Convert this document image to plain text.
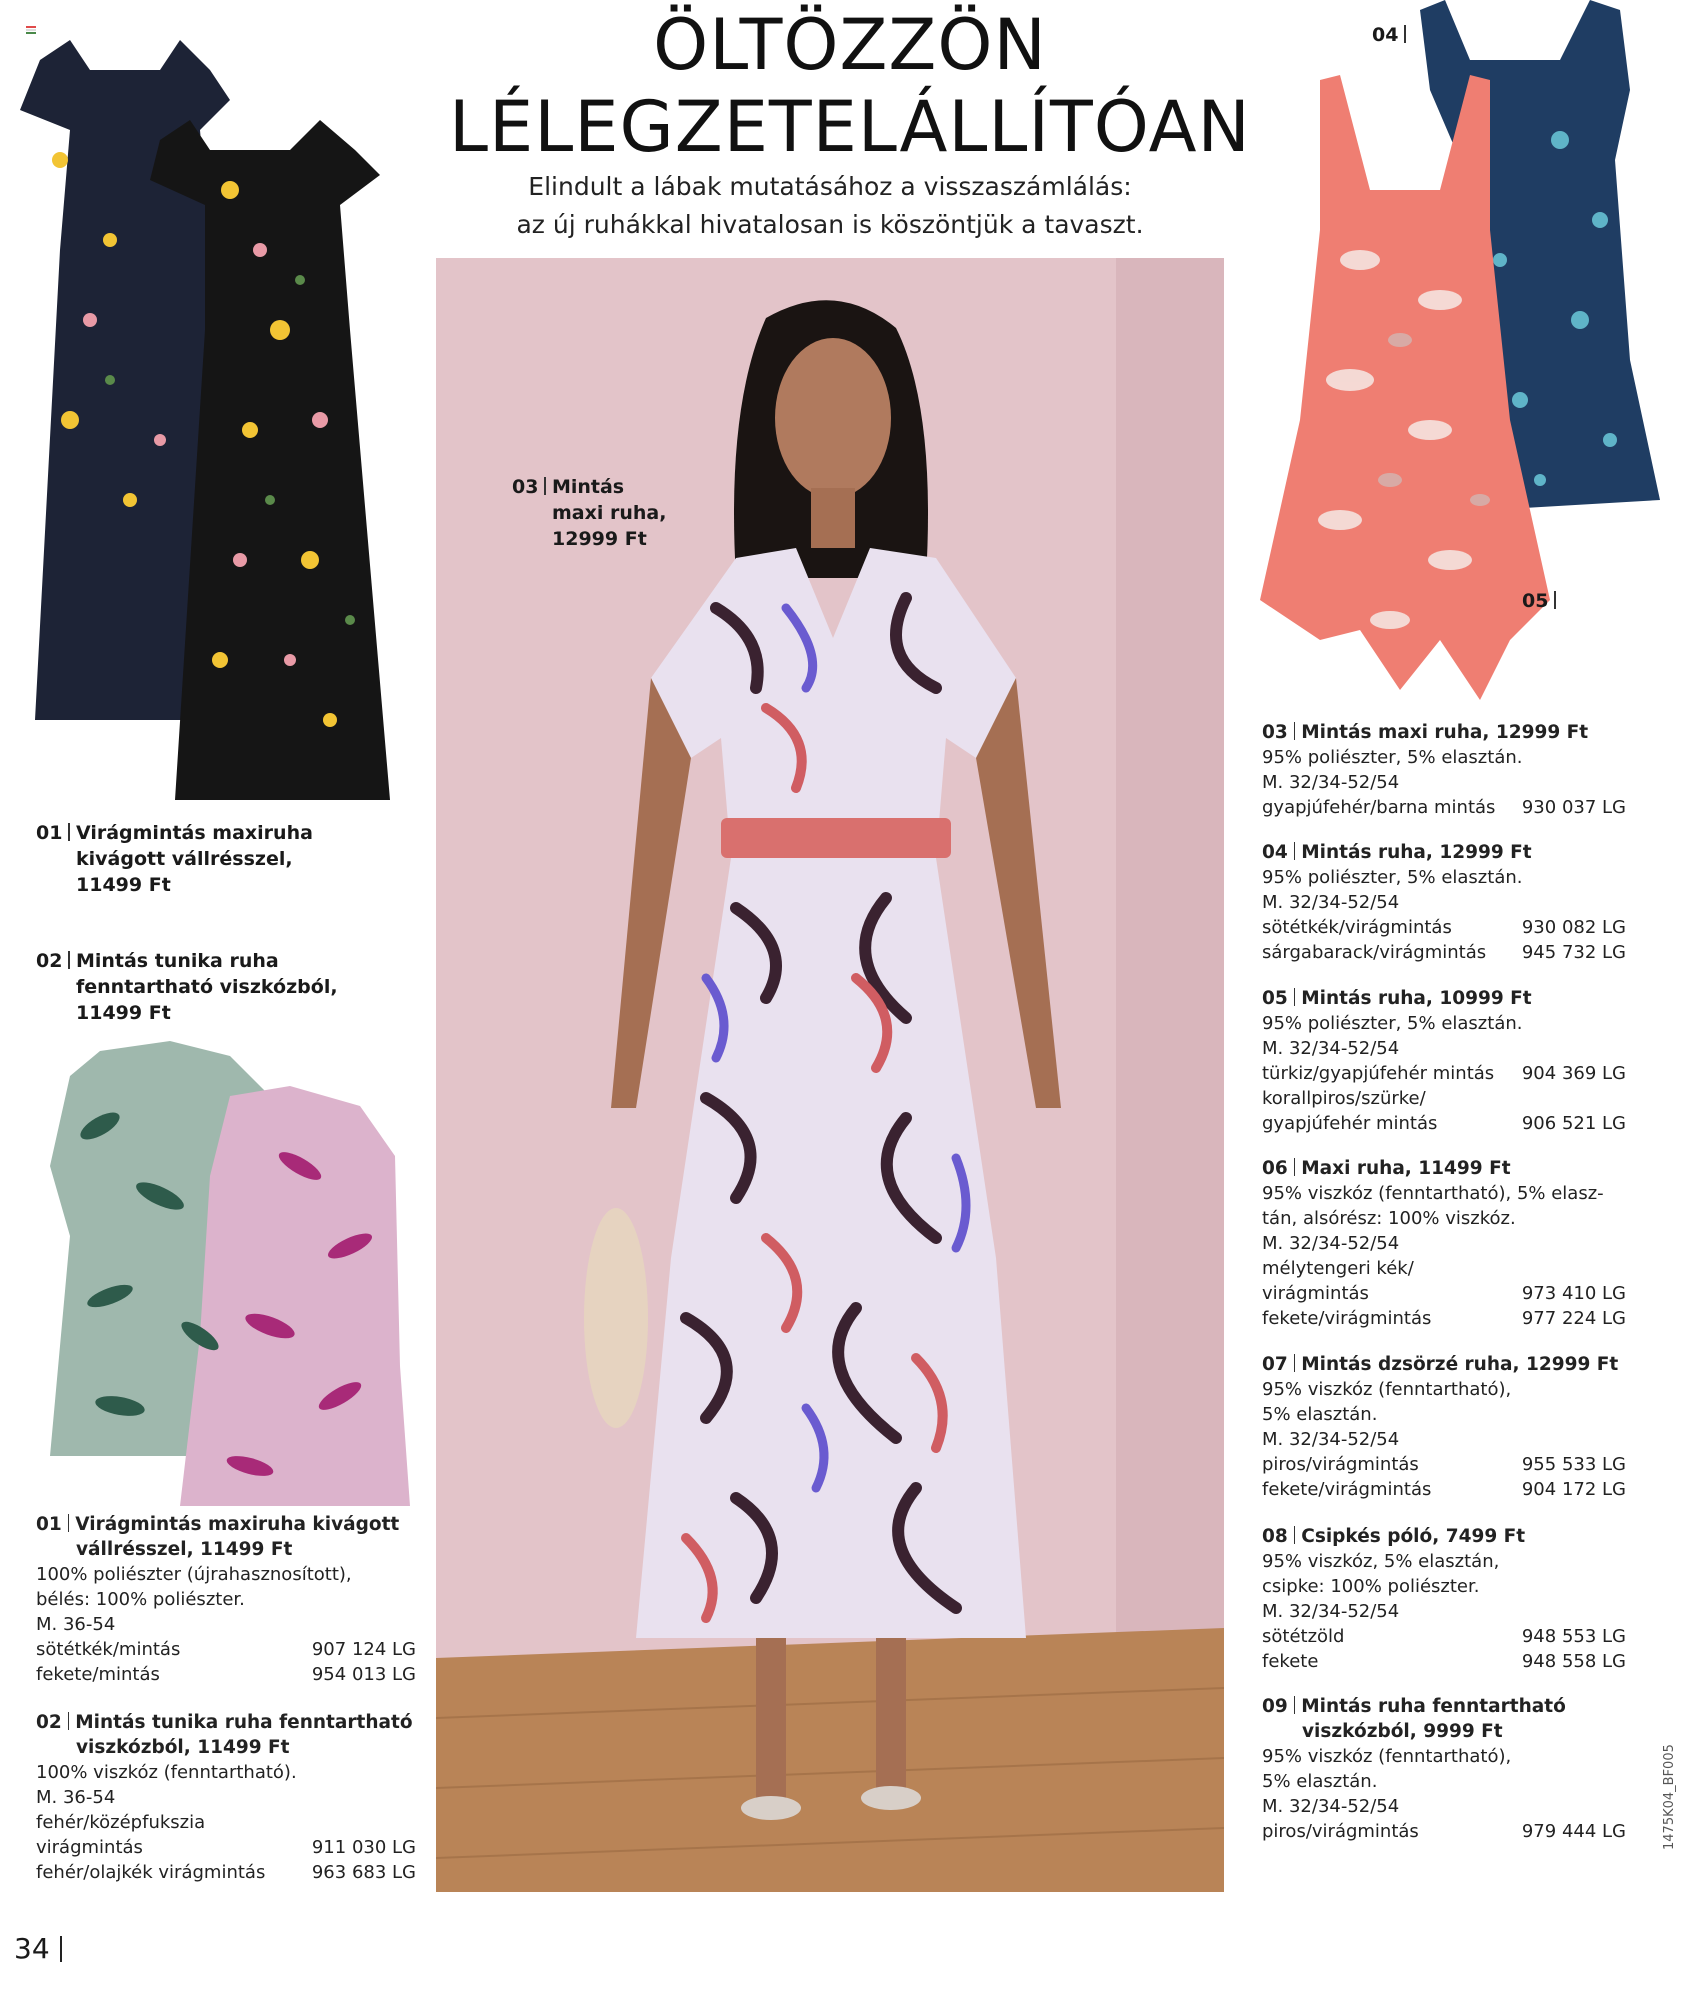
ÖLTÖZZÖN
LÉLEGZETELÁLLÍTÓAN
Elindult a lábak mutatásához a visszaszámlálás:
az új ruhákkal hivatalosan is köszöntjük a tavaszt.
01 Virágmintás maxiruha
kivágott vállrésszel,
11499 Ft
02 Mintás tunika ruha
fenntartható viszkózból,
11499 Ft
01 Virágmintás maxiruha kivágott
vállrésszel, 11499 Ft
100% poliészter (újrahasznosított),
bélés: 100% poliészter.
M. 36-54
sötétkék/mintás	907 124 LG
fekete/mintás	954 013 LG
02 Mintás tunika ruha fenntartható
viszkózból, 11499 Ft
100% viszkóz (fenntartható).
M. 36-54
fehér/középfukszia
virágmintás	911 030 LG
fehér/olajkék virágmintás	963 683 LG
03 Mintás
maxi ruha,
12999 Ft
04
05
03 Mintás maxi ruha, 12999 Ft
95% poliészter, 5% elasztán.
M. 32/34-52/54
gyapjúfehér/barna mintás 930 037 LG
04 Mintás ruha, 12999 Ft
95% poliészter, 5% elasztán.
M. 32/34-52/54
sötétkék/virágmintás	930 082 LG
sárgabarack/virágmintás 945 732 LG
05 Mintás ruha, 10999 Ft
95% poliészter, 5% elasztán.
M. 32/34-52/54
türkiz/gyapjúfehér mintás 904 369 LG
korallpiros/szürke/
gyapjúfehér mintás	906 521 LG
06 Maxi ruha, 11499 Ft
95% viszkóz (fenntartható), 5% elasz-
tán, alsórész: 100% viszkóz.
M. 32/34-52/54
mélytengeri kék/
virágmintás	973 410 LG
fekete/virágmintás	977 224 LG
07 Mintás dzsörzé ruha, 12999 Ft
95% viszkóz (fenntartható),
5% elasztán.
M. 32/34-52/54
piros/virágmintás	955 533 LG
fekete/virágmintás	904 172 LG
08 Csipkés póló, 7499 Ft
95% viszkóz, 5% elasztán,
csipke: 100% poliészter.
M. 32/34-52/54
sötétzöld	948 553 LG
fekete	948 558 LG
09 Mintás ruha fenntartható
viszkózból, 9999 Ft
95% viszkóz (fenntartható),
5% elasztán.
M. 32/34-52/54
piros/virágmintás	979 444 LG
34
1475K04_BF005
